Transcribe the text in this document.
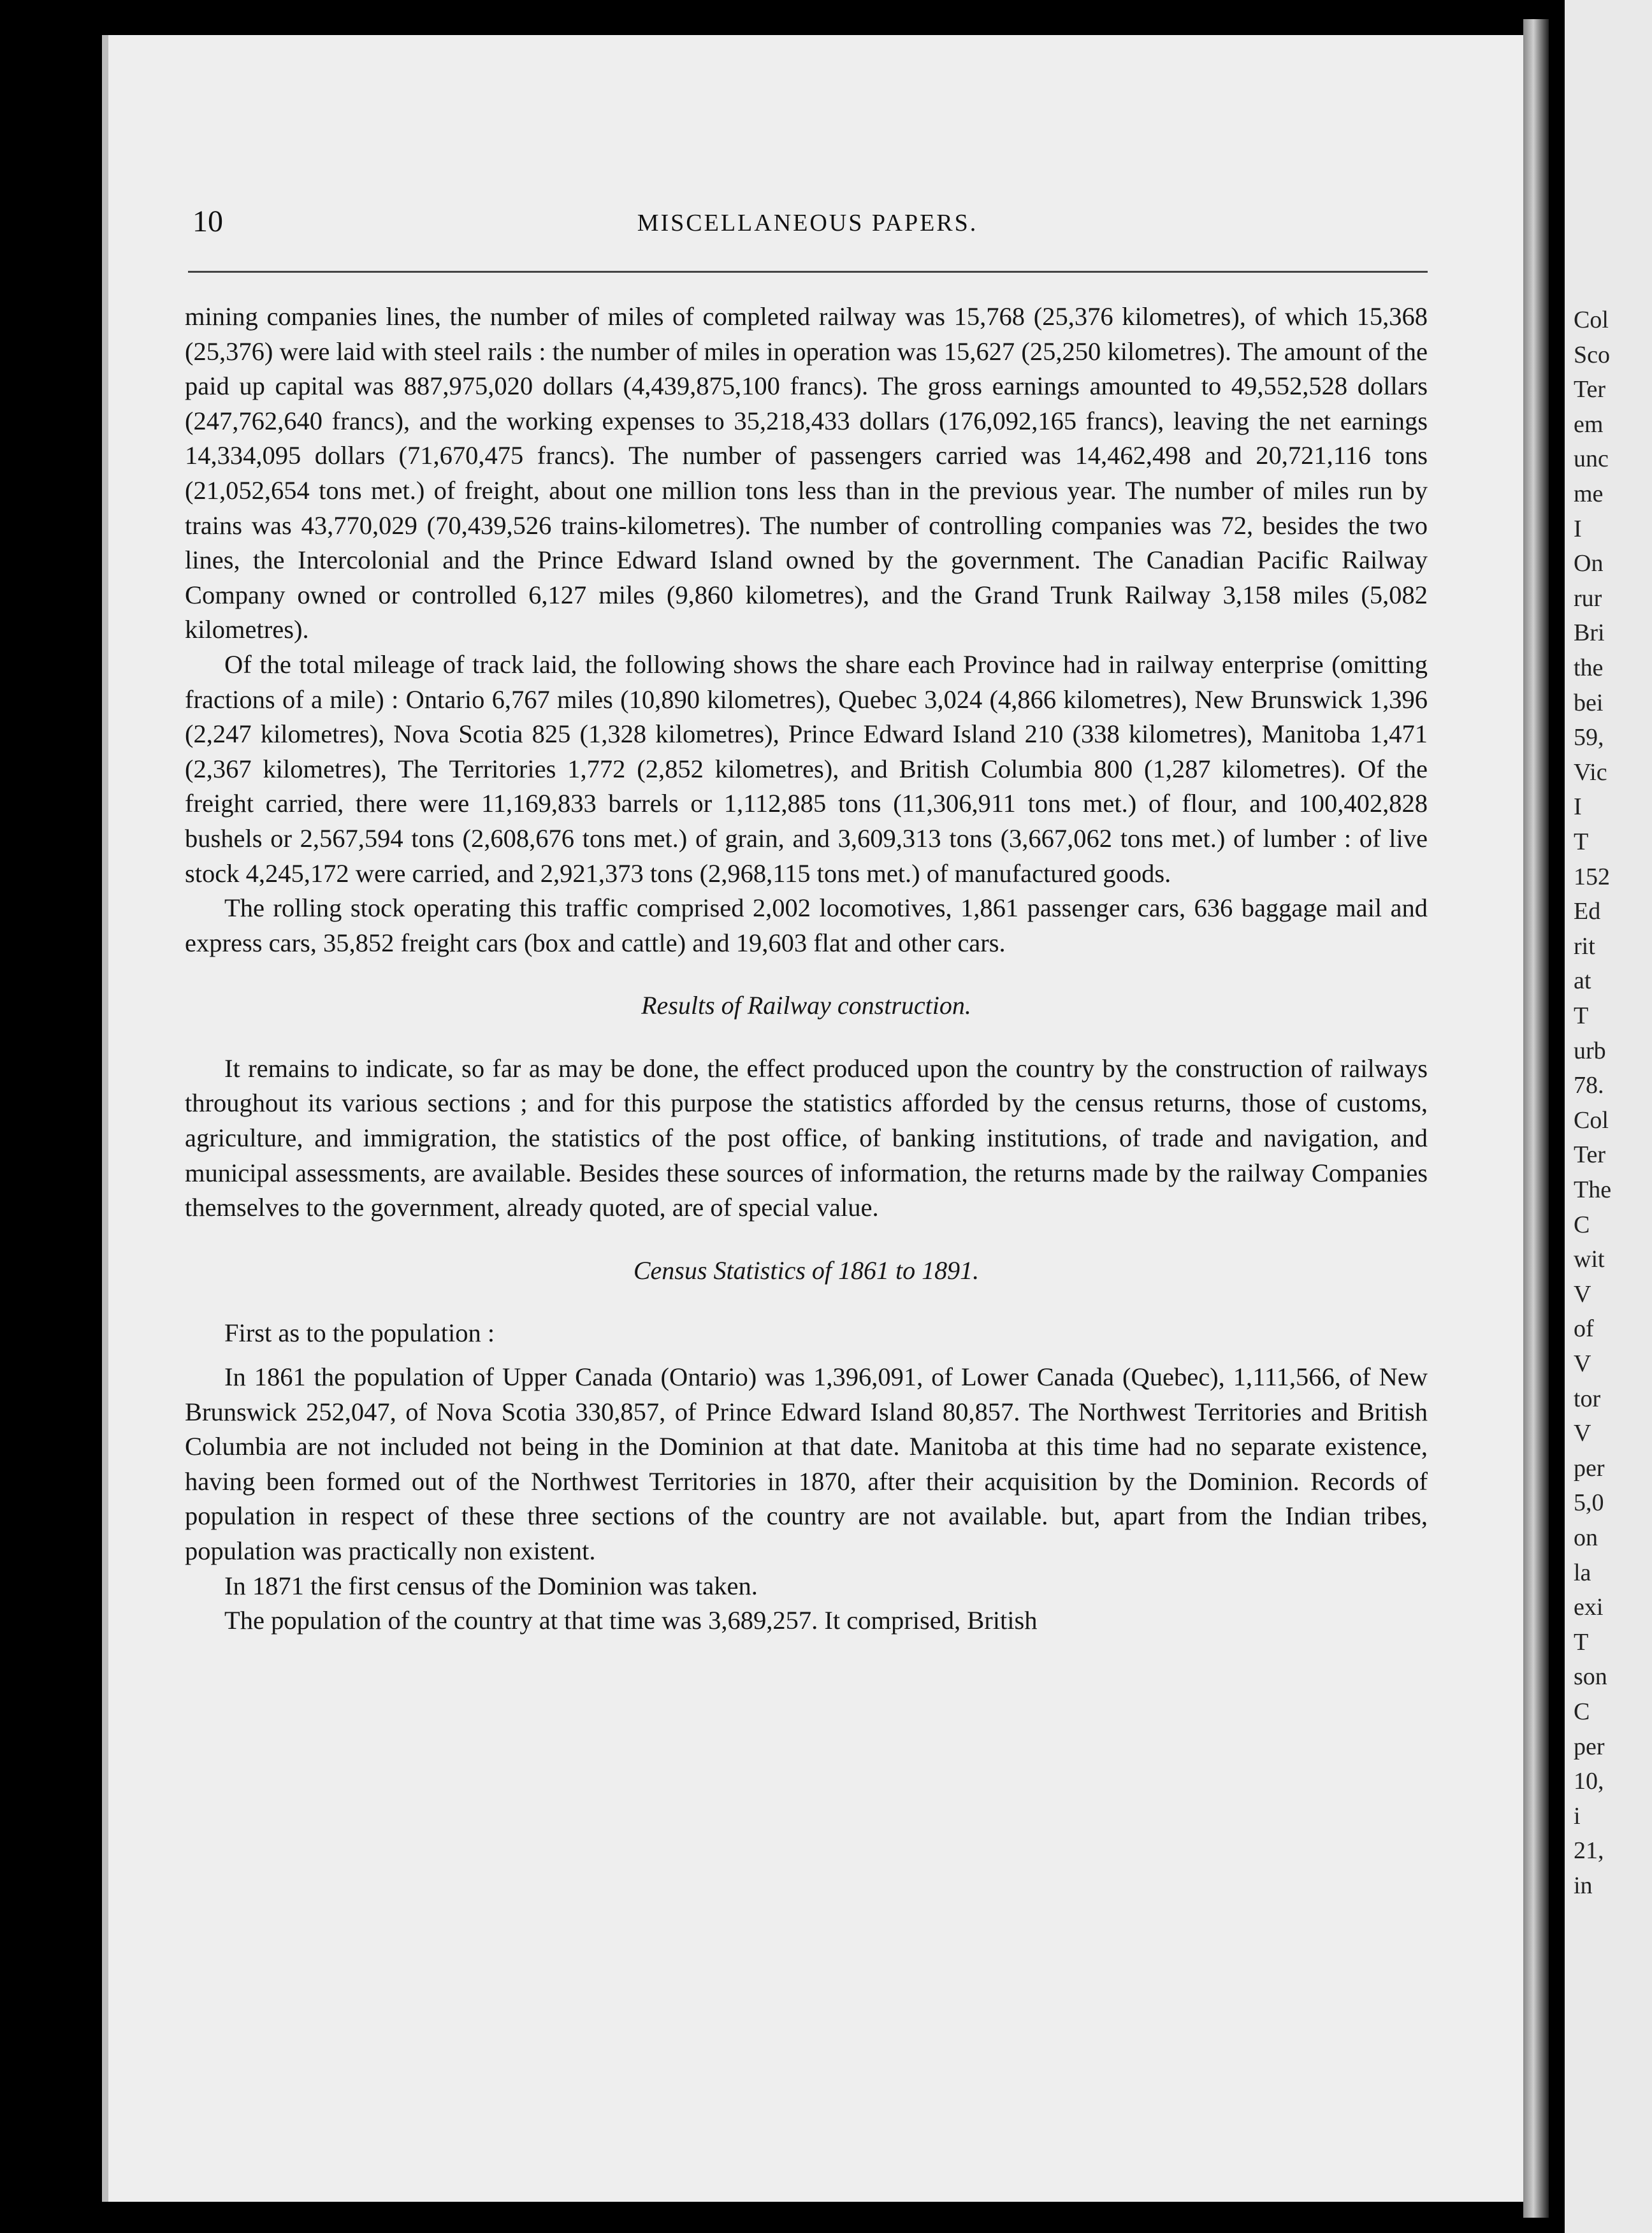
Col
Sco
Ter
em
unc
me
I
On
rur
Bri
the
bei
59,
Vic
I
T
152
Ed
rit
at
T
urb
78.
Col
Ter
The
C
wit
V
of
V
tor
V
per
5,0
on
la
exi
T
son
C
per
10,
i
21,
in
10	MISCELLANEOUS PAPERS.

mining companies lines, the number of miles of completed railway was 15,768 (25,376 kilometres), of which 15,368 (25,376) were laid with steel rails : the number of miles in operation was 15,627 (25,250 kilometres). The amount of the paid up capital was 887,975,020 dollars (4,439,875,100 francs). The gross earnings amounted to 49,552,528 dollars (247,762,640 francs), and the working expenses to 35,218,433 dollars (176,092,165 francs), leaving the net earnings 14,334,095 dollars (71,670,475 francs). The number of passengers carried was 14,462,498 and 20,721,116 tons (21,052,654 tons met.) of freight, about one million tons less than in the previous year. The number of miles run by trains was 43,770,029 (70,439,526 trains-kilometres). The number of controlling companies was 72, besides the two lines, the Intercolonial and the Prince Edward Island owned by the government. The Canadian Pacific Railway Company owned or controlled 6,127 miles (9,860 kilometres), and the Grand Trunk Railway 3,158 miles (5,082 kilometres).

Of the total mileage of track laid, the following shows the share each Province had in railway enterprise (omitting fractions of a mile) : Ontario 6,767 miles (10,890 kilometres), Quebec 3,024 (4,866 kilometres), New Brunswick 1,396 (2,247 kilometres), Nova Scotia 825 (1,328 kilometres), Prince Edward Island 210 (338 kilometres), Manitoba 1,471 (2,367 kilometres), The Territories 1,772 (2,852 kilometres), and British Columbia 800 (1,287 kilometres). Of the freight carried, there were 11,169,833 barrels or 1,112,885 tons (11,306,911 tons met.) of flour, and 100,402,828 bushels or 2,567,594 tons (2,608,676 tons met.) of grain, and 3,609,313 tons (3,667,062 tons met.) of lumber : of live stock 4,245,172 were carried, and 2,921,373 tons (2,968,115 tons met.) of manufactured goods.

The rolling stock operating this traffic comprised 2,002 locomotives, 1,861 passenger cars, 636 baggage mail and express cars, 35,852 freight cars (box and cattle) and 19,603 flat and other cars.

Results of Railway construction.

It remains to indicate, so far as may be done, the effect produced upon the country by the construction of railways throughout its various sections ; and for this purpose the statistics afforded by the census returns, those of customs, agriculture, and immigration, the statistics of the post office, of banking institutions, of trade and navigation, and municipal assessments, are available. Besides these sources of information, the returns made by the railway Companies themselves to the government, already quoted, are of special value.

Census Statistics of 1861 to 1891.

First as to the population :

In 1861 the population of Upper Canada (Ontario) was 1,396,091, of Lower Canada (Quebec), 1,111,566, of New Brunswick 252,047, of Nova Scotia 330,857, of Prince Edward Island 80,857. The Northwest Territories and British Columbia are not included not being in the Dominion at that date. Manitoba at this time had no separate existence, having been formed out of the Northwest Territories in 1870, after their acquisition by the Dominion. Records of population in respect of these three sections of the country are not available. but, apart from the Indian tribes, population was practically non existent.

In 1871 the first census of the Dominion was taken.

The population of the country at that time was 3,689,257. It comprised, British
